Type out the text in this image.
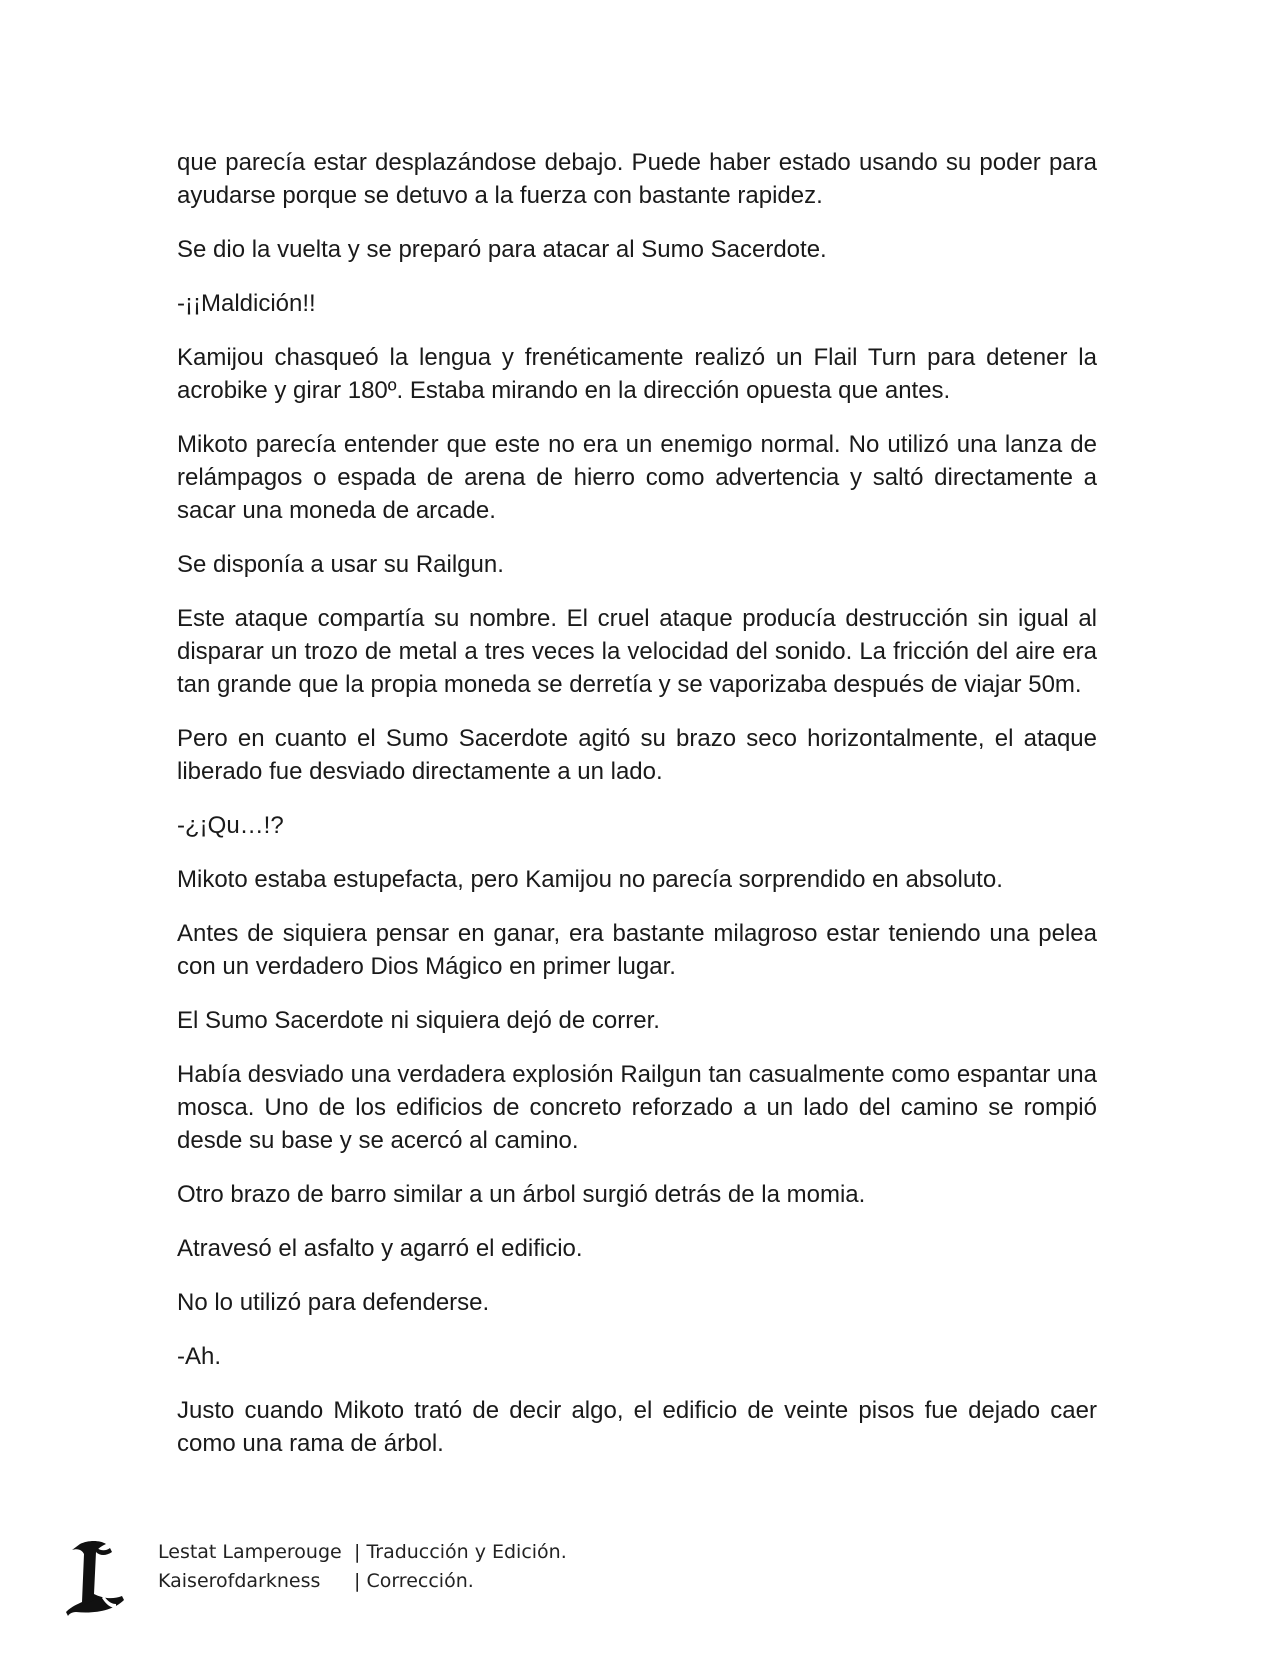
que parecía estar desplazándose debajo. Puede haber estado usando su poder para ayudarse porque se detuvo a la fuerza con bastante rapidez.

Se dio la vuelta y se preparó para atacar al Sumo Sacerdote.

-¡¡Maldición!!

Kamijou chasqueó la lengua y frenéticamente realizó un Flail Turn para detener la acrobike y girar 180º. Estaba mirando en la dirección opuesta que antes.

Mikoto parecía entender que este no era un enemigo normal. No utilizó una lanza de relámpagos o espada de arena de hierro como advertencia y saltó directamente a sacar una moneda de arcade.

Se disponía a usar su Railgun.

Este ataque compartía su nombre. El cruel ataque producía destrucción sin igual al disparar un trozo de metal a tres veces la velocidad del sonido. La fricción del aire era tan grande que la propia moneda se derretía y se vaporizaba después de viajar 50m.

Pero en cuanto el Sumo Sacerdote agitó su brazo seco horizontalmente, el ataque liberado fue desviado directamente a un lado.

-¿¡Qu…!?

Mikoto estaba estupefacta, pero Kamijou no parecía sorprendido en absoluto.

Antes de siquiera pensar en ganar, era bastante milagroso estar teniendo una pelea con un verdadero Dios Mágico en primer lugar.

El Sumo Sacerdote ni siquiera dejó de correr.

Había desviado una verdadera explosión Railgun tan casualmente como espantar una mosca. Uno de los edificios de concreto reforzado a un lado del camino se rompió desde su base y se acercó al camino.

Otro brazo de barro similar a un árbol surgió detrás de la momia.

Atravesó el asfalto y agarró el edificio.

No lo utilizó para defenderse.

-Ah.

Justo cuando Mikoto trató de decir algo, el edificio de veinte pisos fue dejado caer como una rama de árbol.

Lestat Lamperouge | Traducción y Edición.
Kaiserofdarkness	| Corrección.
